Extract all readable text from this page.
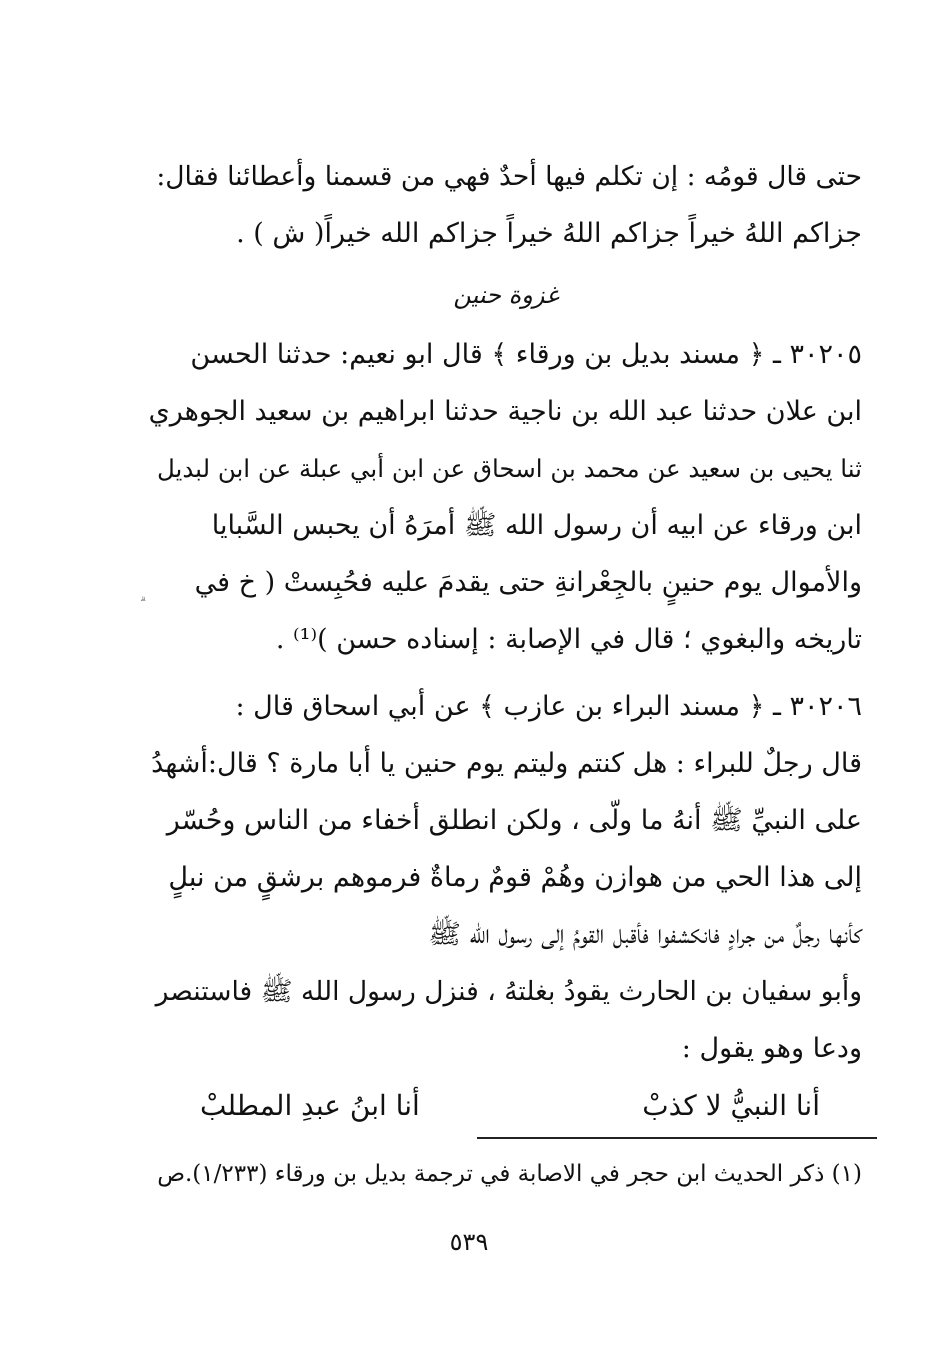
حتى قال قومُه : إن تكلم فيها أحدٌ فهي من قسمنا وأعطائنا فقال:
جزاكم اللهُ خيراً جزاكم اللهُ خيراً جزاكم الله خيراً( ش ) .
غزوة حنين
٣٠٢٠٥ ـ ﴿ مسند بديل بن ورقاء ﴾ قال ابو نعيم: حدثنا الحسن
ابن علان حدثنا عبد الله بن ناجية حدثنا ابراهيم بن سعيد الجوهري
ثنا يحيى بن سعيد عن محمد بن اسحاق عن ابن أبي عبلة عن ابن لبديل
ابن ورقاء عن ابيه أن رسول الله ﷺ أمرَهُ أن يحبس السَّبايا
والأموال يوم حنينٍ بالجِعْرانةِ حتى يقدمَ عليه فحُبِستْ ( خ في
تاريخه والبغوي ؛ قال في الإصابة : إسناده حسن )⁽¹⁾ .
٣٠٢٠٦ ـ ﴿ مسند البراء بن عازب ﴾ عن أبي اسحاق قال :
قال رجلٌ للبراء : هل كنتم وليتم يوم حنين يا أبا مارة ؟ قال:أشهدُ
على النبيِّ ﷺ أنهُ ما ولّى ، ولكن انطلق أخفاء من الناس وحُسّر
إلى هذا الحي من هوازن وهُمْ قومٌ رماةٌ فرموهم برشقٍ من نبلٍ
كأنها رجلٌ من جرادٍ فانكشفوا فأقبل القومُ إلى رسول الله ﷺ
وأبو سفيان بن الحارث يقودُ بغلتهُ ، فنزل رسول الله ﷺ فاستنصر
ودعا وهو يقول :
أنا النبيُّ لا كذبْ
أنا ابنُ عبدِ المطلبْ
(١) ذكر الحديث ابن حجر في الاصابة في ترجمة بديل بن ورقاء (١/٢٣٣).ص
٥٣٩
